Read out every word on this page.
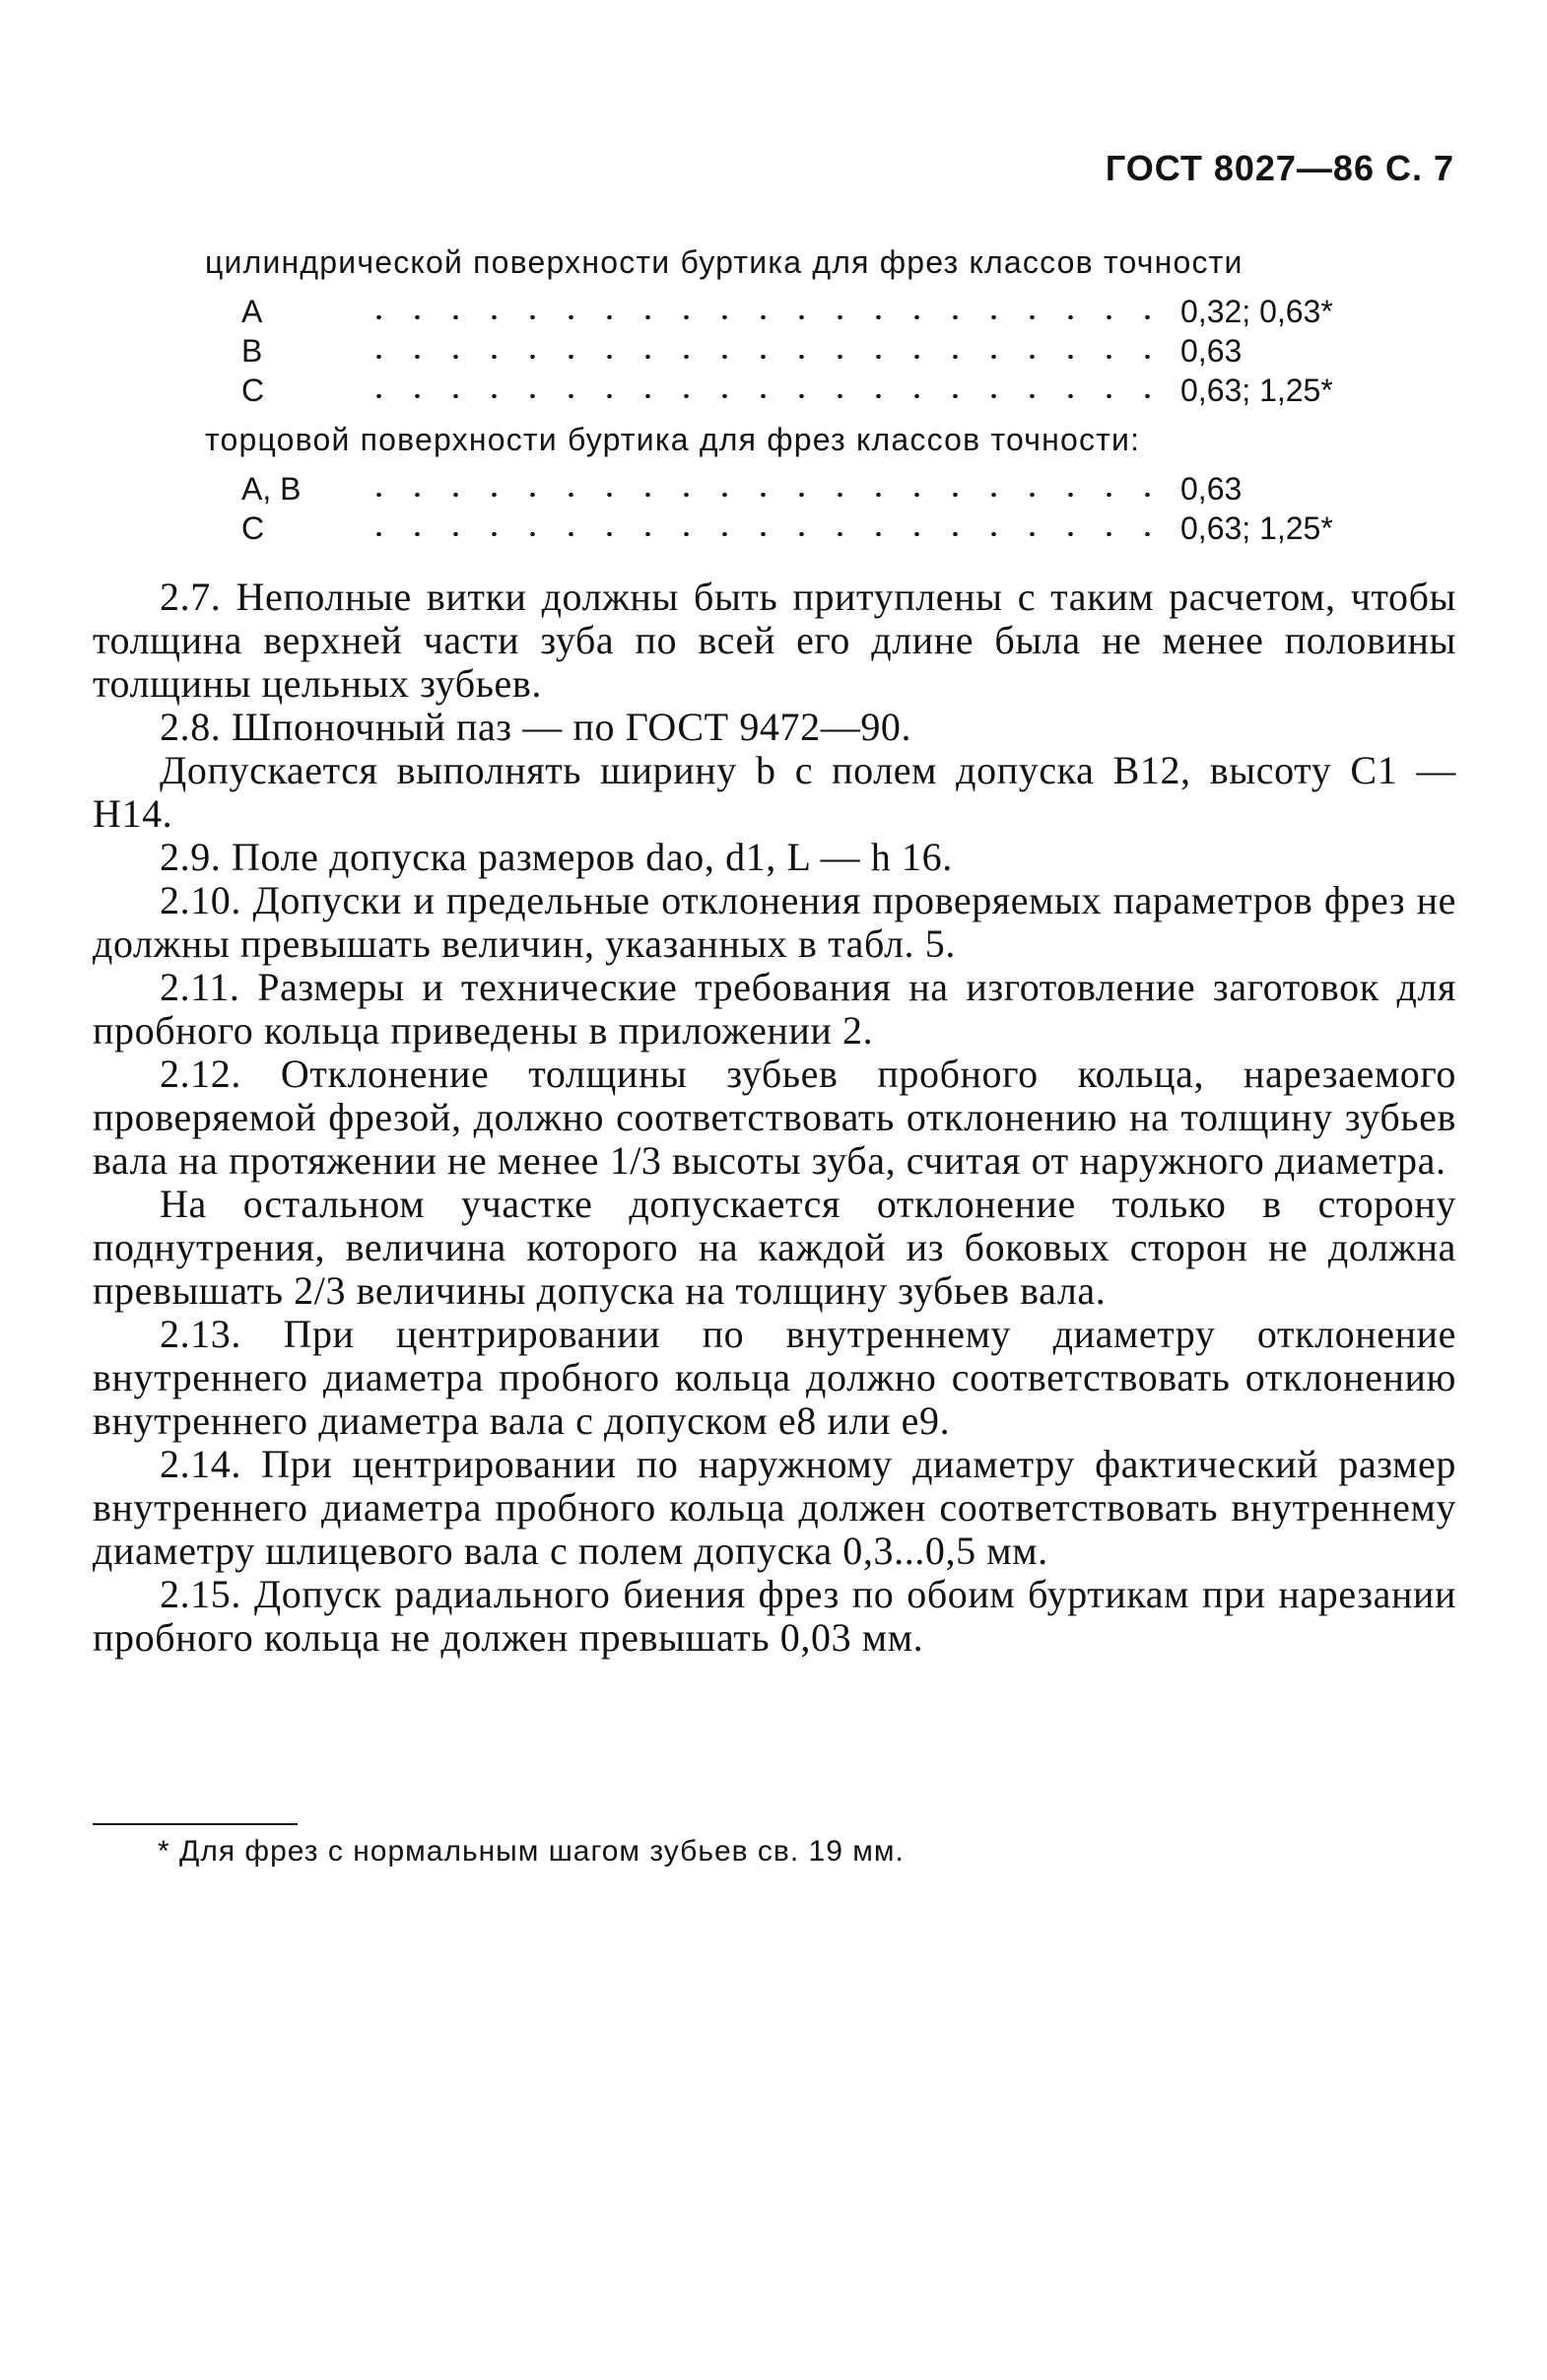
ГОСТ 8027—86 С. 7
цилиндрической поверхности буртика для фрез классов точности
А	0,32; 0,63*
В	0,63
С	0,63; 1,25*
торцовой поверхности буртика для фрез классов точности:
А, В	0,63
С	0,63; 1,25*

2.7. Неполные витки должны быть притуплены с таким расчетом, чтобы толщина верхней части зуба по всей его длине была не менее половины толщины цельных зубьев.

2.8. Шпоночный паз — по ГОСТ 9472—90.

Допускается выполнять ширину b с полем допуска В12, высоту C1 — Н14.

2.9. Поле допуска размеров dao, d1, L — h 16.

2.10. Допуски и предельные отклонения проверяемых параметров фрез не должны превышать величин, указанных в табл. 5.

2.11. Размеры и технические требования на изготовление заготовок для пробного кольца приведены в приложении 2.

2.12. Отклонение толщины зубьев пробного кольца, нарезаемого проверяемой фрезой, должно соответствовать отклонению на толщину зубьев вала на протяжении не менее 1/3 высоты зуба, считая от наружного диаметра.

На остальном участке допускается отклонение только в сторону поднутрения, величина которого на каждой из боковых сторон не должна превышать 2/3 величины допуска на толщину зубьев вала.

2.13. При центрировании по внутреннему диаметру отклонение внутреннего диаметра пробного кольца должно соответствовать отклонению внутреннего диаметра вала с допуском е8 или е9.

2.14. При центрировании по наружному диаметру фактический размер внутреннего диаметра пробного кольца должен соответствовать внутреннему диаметру шлицевого вала с полем допуска 0,3...0,5 мм.

2.15. Допуск радиального биения фрез по обоим буртикам при нарезании пробного кольца не должен превышать 0,03 мм.

* Для фрез с нормальным шагом зубьев св. 19 мм.
